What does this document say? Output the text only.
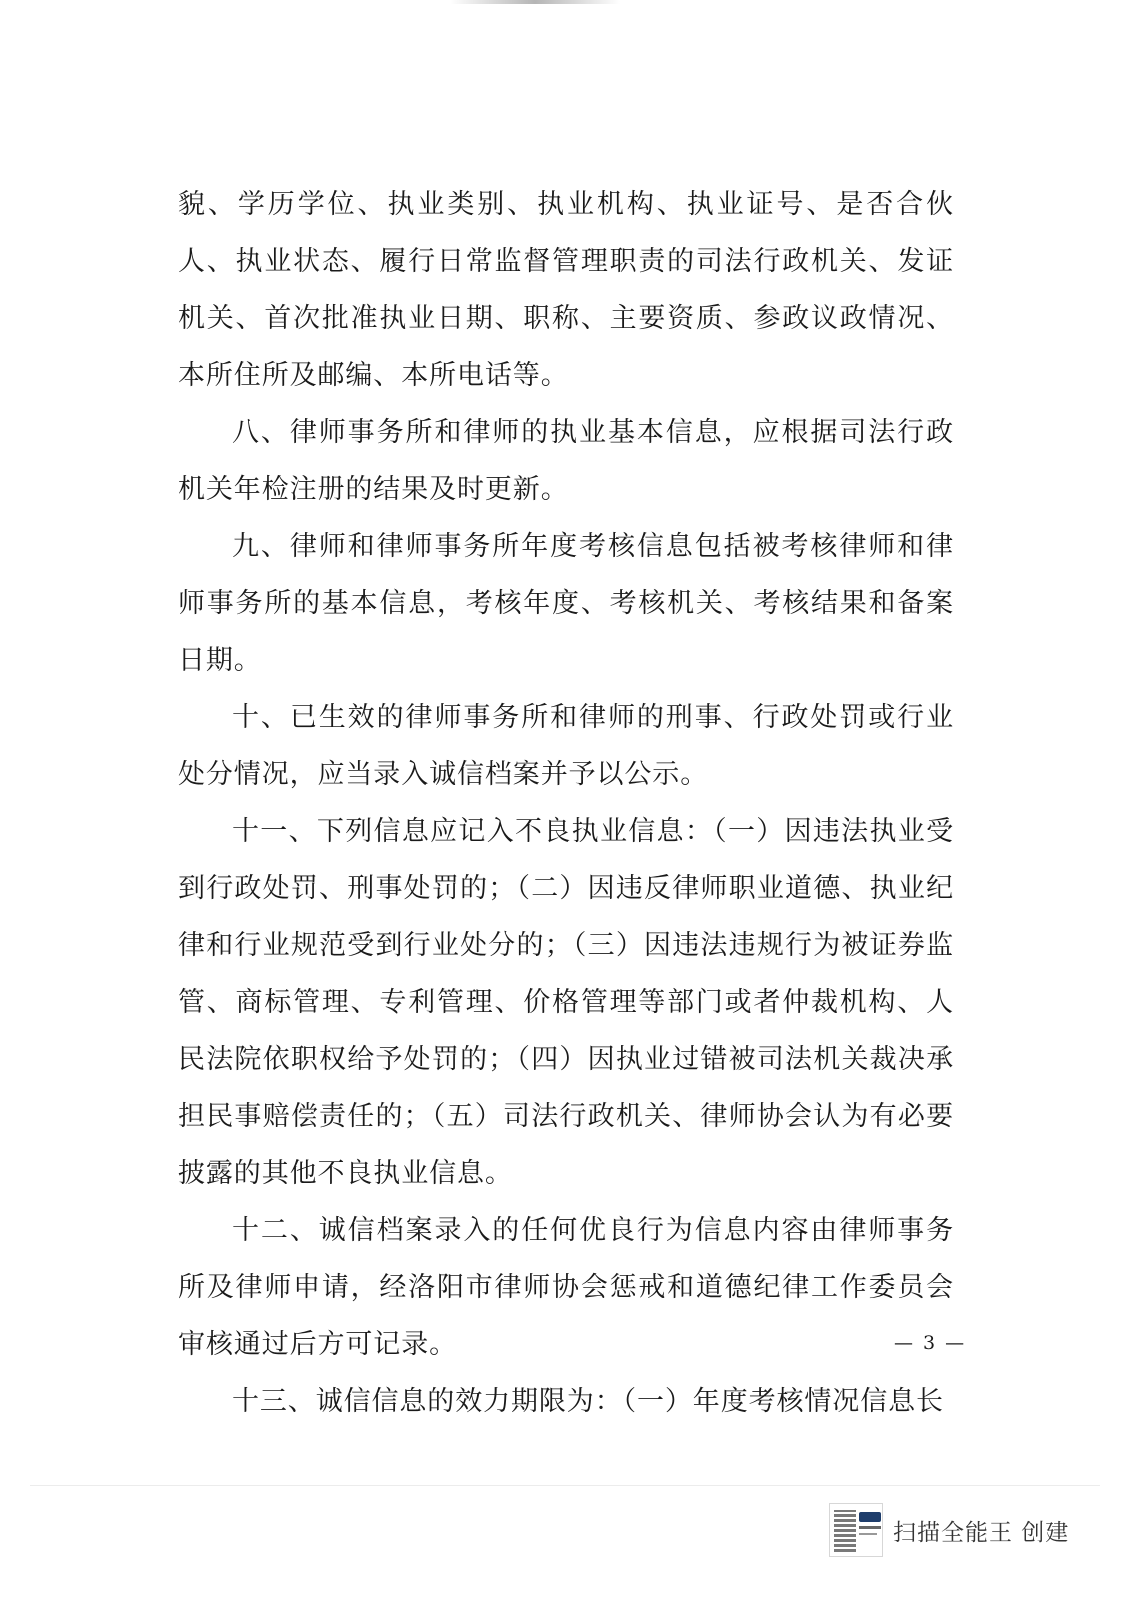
貌、学历学位、执业类别、执业机构、执业证号、是否合伙人、执业状态、履行日常监督管理职责的司法行政机关、发证机关、首次批准执业日期、职称、主要资质、参政议政情况、本所住所及邮编、本所电话等。

八、律师事务所和律师的执业基本信息，应根据司法行政机关年检注册的结果及时更新。

九、律师和律师事务所年度考核信息包括被考核律师和律师事务所的基本信息，考核年度、考核机关、考核结果和备案日期。

十、已生效的律师事务所和律师的刑事、行政处罚或行业处分情况，应当录入诚信档案并予以公示。

十一、下列信息应记入不良执业信息：（一）因违法执业受到行政处罚、刑事处罚的；（二）因违反律师职业道德、执业纪律和行业规范受到行业处分的；（三）因违法违规行为被证券监管、商标管理、专利管理、价格管理等部门或者仲裁机构、人民法院依职权给予处罚的；（四）因执业过错被司法机关裁决承担民事赔偿责任的；（五）司法行政机关、律师协会认为有必要披露的其他不良执业信息。

十二、诚信档案录入的任何优良行为信息内容由律师事务所及律师申请，经洛阳市律师协会惩戒和道德纪律工作委员会审核通过后方可记录。

十三、诚信信息的效力期限为：（一）年度考核情况信息长

— 3 —
扫描全能王 创建
